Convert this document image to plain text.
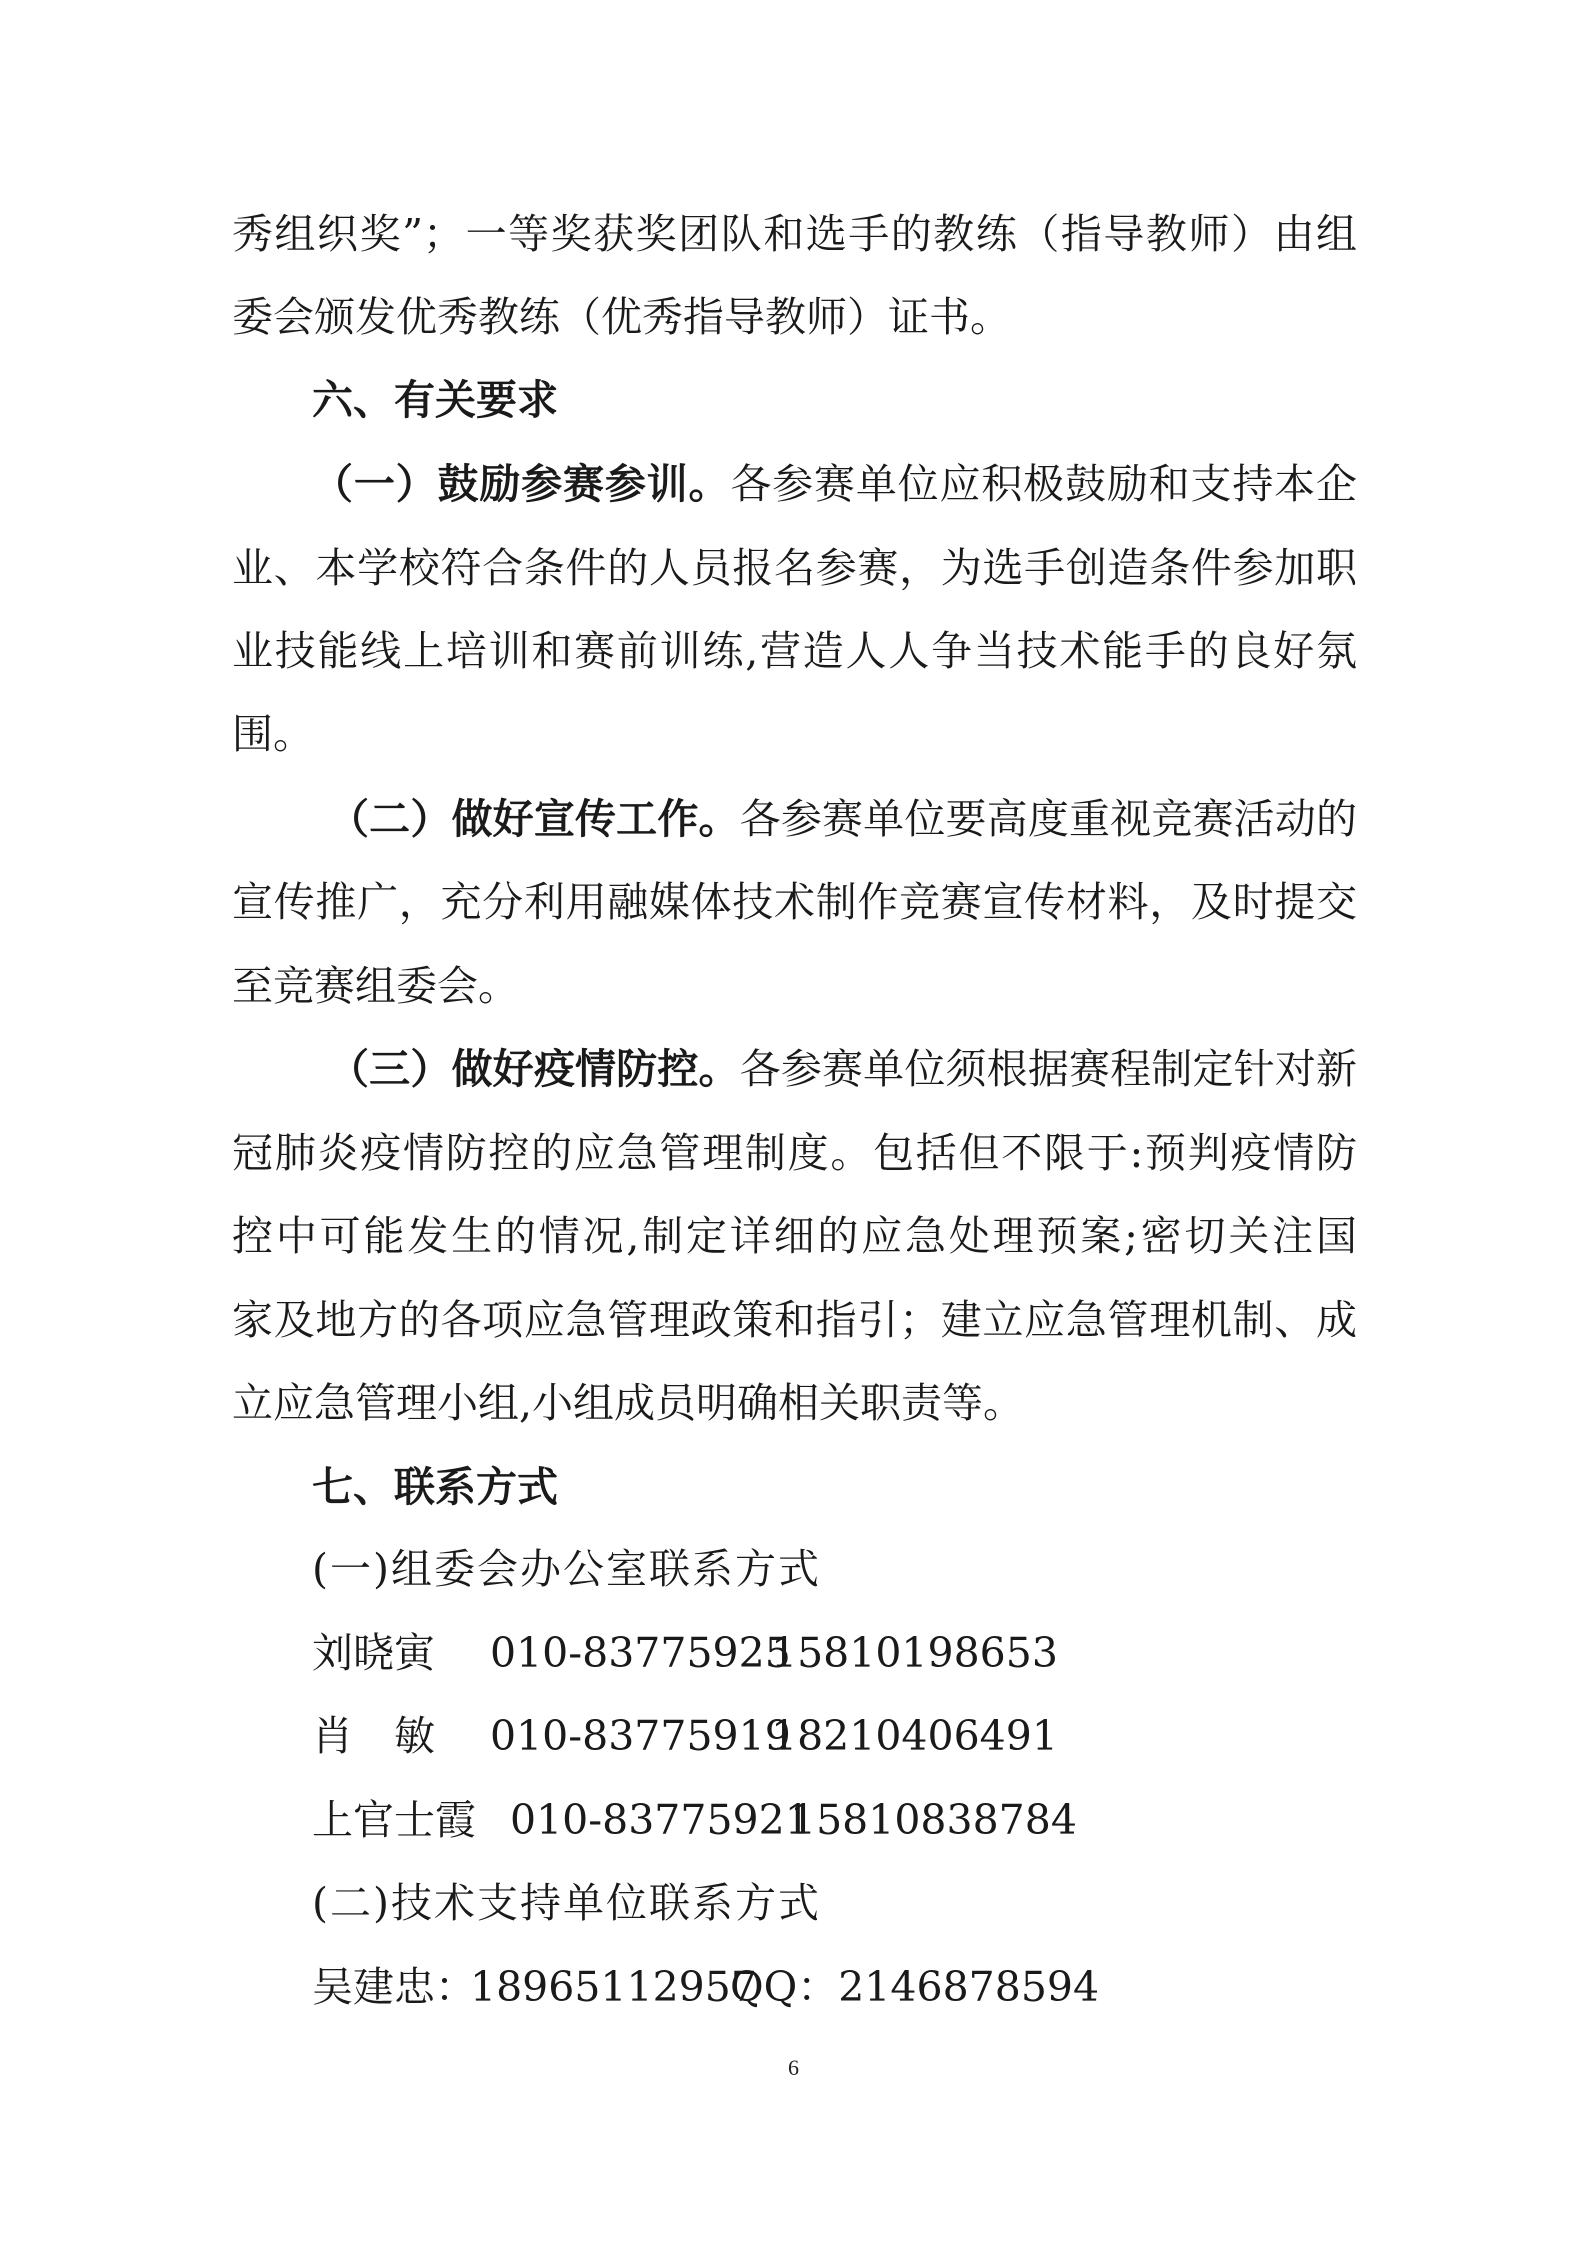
秀组织奖”；一等奖获奖团队和选手的教练（指导教师）由组
委会颁发优秀教练（优秀指导教师）证书。
六、有关要求
（一）鼓励参赛参训。各参赛单位应积极鼓励和支持本企
业、本学校符合条件的人员报名参赛，为选手创造条件参加职
业技能线上培训和赛前训练,营造人人争当技术能手的良好氛
围。
（二）做好宣传工作。各参赛单位要高度重视竞赛活动的
宣传推广，充分利用融媒体技术制作竞赛宣传材料，及时提交
至竞赛组委会。
（三）做好疫情防控。各参赛单位须根据赛程制定针对新
冠肺炎疫情防控的应急管理制度。包括但不限于:预判疫情防
控中可能发生的情况,制定详细的应急处理预案;密切关注国
家及地方的各项应急管理政策和指引；建立应急管理机制、成
立应急管理小组,小组成员明确相关职责等。
七、联系方式
(一)组委会办公室联系方式
刘晓寅 010-83775925
15810198653
肖　敏 010-83775919
18210406491
上官士霞 010-83775921
15810838784
(二)技术支持单位联系方式
吴建忠：
18965112957
QQ：2146878594
6
